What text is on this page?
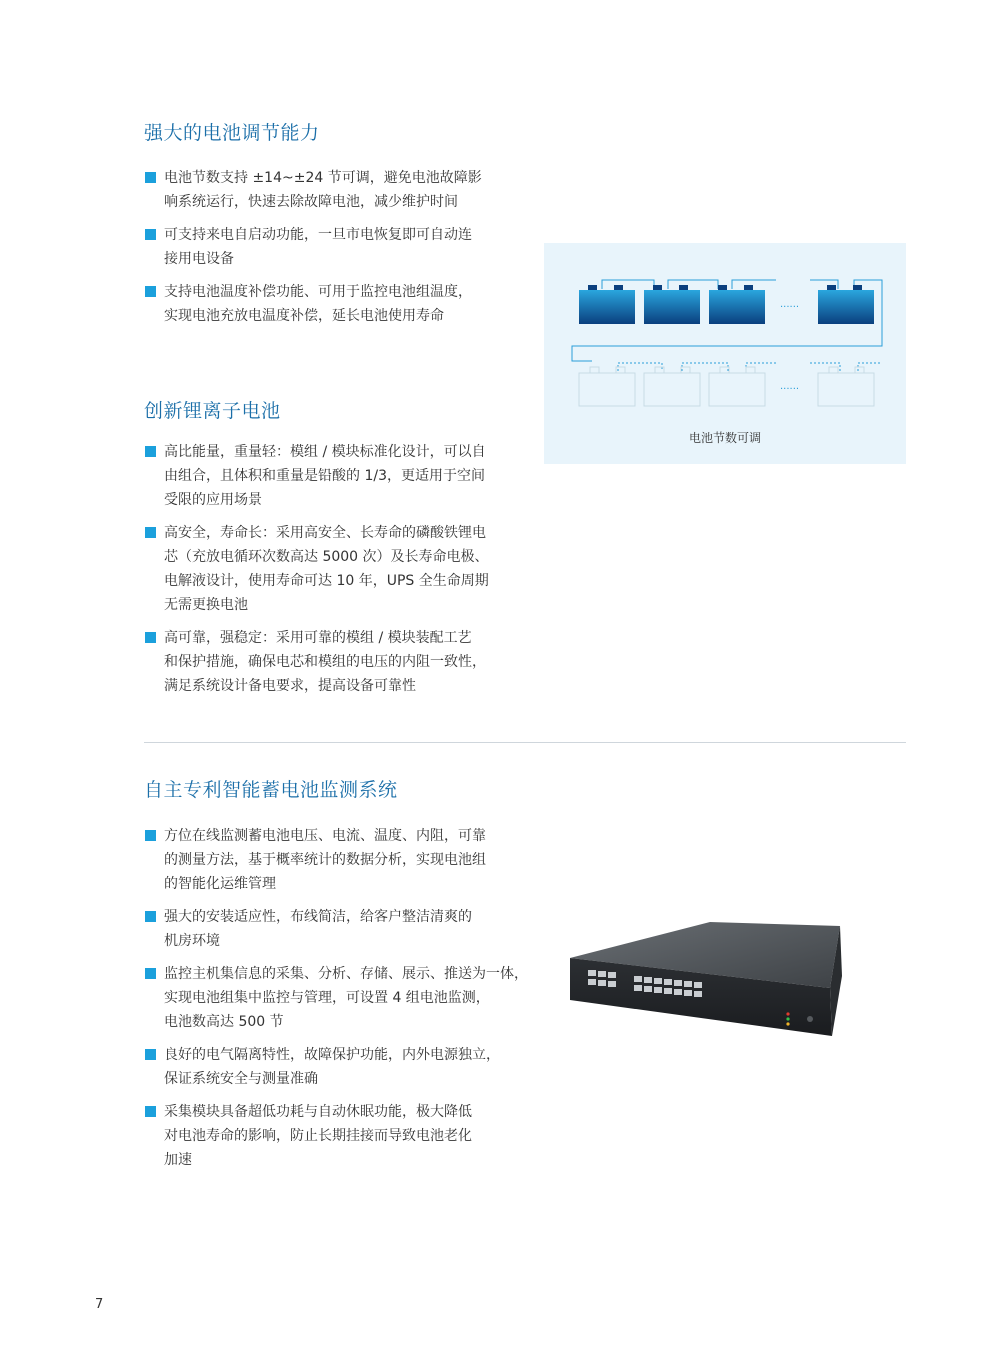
强大的电池调节能力
电池节数支持 ±14~±24 节可调，避免电池故障影
响系统运行，快速去除故障电池，减少维护时间
可支持来电自启动功能，一旦市电恢复即可自动连
接用电设备
支持电池温度补偿功能、可用于监控电池组温度，
实现电池充放电温度补偿，延长电池使用寿命
......
......
电池节数可调
创新锂离子电池
高比能量，重量轻：模组 / 模块标准化设计，可以自
由组合，且体积和重量是铅酸的 1/3，更适用于空间
受限的应用场景
高安全，寿命长：采用高安全、长寿命的磷酸铁锂电
芯（充放电循环次数高达 5000 次）及长寿命电极、
电解液设计，使用寿命可达 10 年，UPS 全生命周期
无需更换电池
高可靠，强稳定：采用可靠的模组 / 模块装配工艺
和保护措施，确保电芯和模组的电压的内阻一致性，
满足系统设计备电要求，提高设备可靠性
自主专利智能蓄电池监测系统
方位在线监测蓄电池电压、电流、温度、内阻，可靠
的测量方法，基于概率统计的数据分析，实现电池组
的智能化运维管理
强大的安装适应性，布线简洁，给客户整洁清爽的
机房环境
监控主机集信息的采集、分析、存储、展示、推送为一体，
实现电池组集中监控与管理，可设置 4 组电池监测，
电池数高达 500 节
良好的电气隔离特性，故障保护功能，内外电源独立，
保证系统安全与测量准确
采集模块具备超低功耗与自动休眠功能，极大降低
对电池寿命的影响，防止长期挂接而导致电池老化
加速
7
